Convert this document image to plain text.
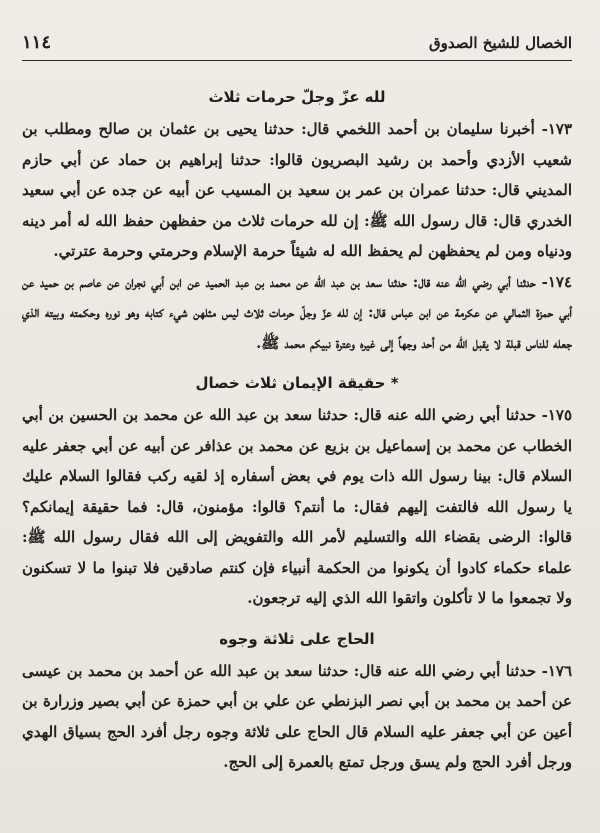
١١٤	الخصال للشيخ الصدوق
لله عزّ وجلّ حرمات ثلاث

١٧٣- أخبرنا سليمان بن أحمد اللخمي قال: حدثنا يحيى بن عثمان بن صالح ومطلب بن شعيب الأزدي وأحمد بن رشيد البصريون قالوا: حدثنا إبراهيم بن حماد عن أبي حازم المديني قال: حدثنا عمران بن عمر بن سعيد بن المسيب عن أبيه عن جده عن أبي سعيد الخدري قال: قال رسول الله ﷺ: إن لله حرمات ثلاث من حفظهن حفظ الله له أمر دينه ودنياه ومن لم يحفظهن لم يحفظ الله له شيئاً حرمة الإسلام وحرمتي وحرمة عترتي.

١٧٤- حدثنا أبي رضي الله عنه قال: حدثنا سعد بن عبد الله عن محمد بن عبد الحميد عن ابن أبي نجران عن عاصم بن حميد عن أبي حمزة الثمالي عن عكرمة عن ابن عباس قال: إن لله عزّ وجلّ حرمات ثلاث ليس مثلهن شيء كتابه وهو نوره وحكمته وبيته الذي جعله للناس قبلة لا يقبل الله من أحد وجهاً إلى غيره وعترة نبيكم محمد ﷺ.

* حقيقة الإيمان ثلاث خصال

١٧٥- حدثنا أبي رضي الله عنه قال: حدثنا سعد بن عبد الله عن محمد بن الحسين بن أبي الخطاب عن محمد بن إسماعيل بن بزيع عن محمد بن عذافر عن أبيه عن أبي جعفر عليه السلام قال: بينا رسول الله ذات يوم في بعض أسفاره إذ لقيه ركب فقالوا السلام عليك يا رسول الله فالتفت إليهم فقال: ما أنتم؟ قالوا: مؤمنون، قال: فما حقيقة إيمانكم؟ قالوا: الرضى بقضاء الله والتسليم لأمر الله والتفويض إلى الله فقال رسول الله ﷺ: علماء حكماء كادوا أن يكونوا من الحكمة أنبياء فإن كنتم صادقين فلا تبنوا ما لا تسكنون ولا تجمعوا ما لا تأكلون واتقوا الله الذي إليه ترجعون.

الحاج على ثلاثة وجوه

١٧٦- حدثنا أبي رضي الله عنه قال: حدثنا سعد بن عبد الله عن أحمد بن محمد بن عيسى عن أحمد بن محمد بن أبي نصر البزنطي عن علي بن أبي حمزة عن أبي بصير وزرارة بن أعين عن أبي جعفر عليه السلام قال الحاج على ثلاثة وجوه رجل أفرد الحج بسياق الهدي ورجل أفرد الحج ولم يسق ورجل تمتع بالعمرة إلى الحج.
